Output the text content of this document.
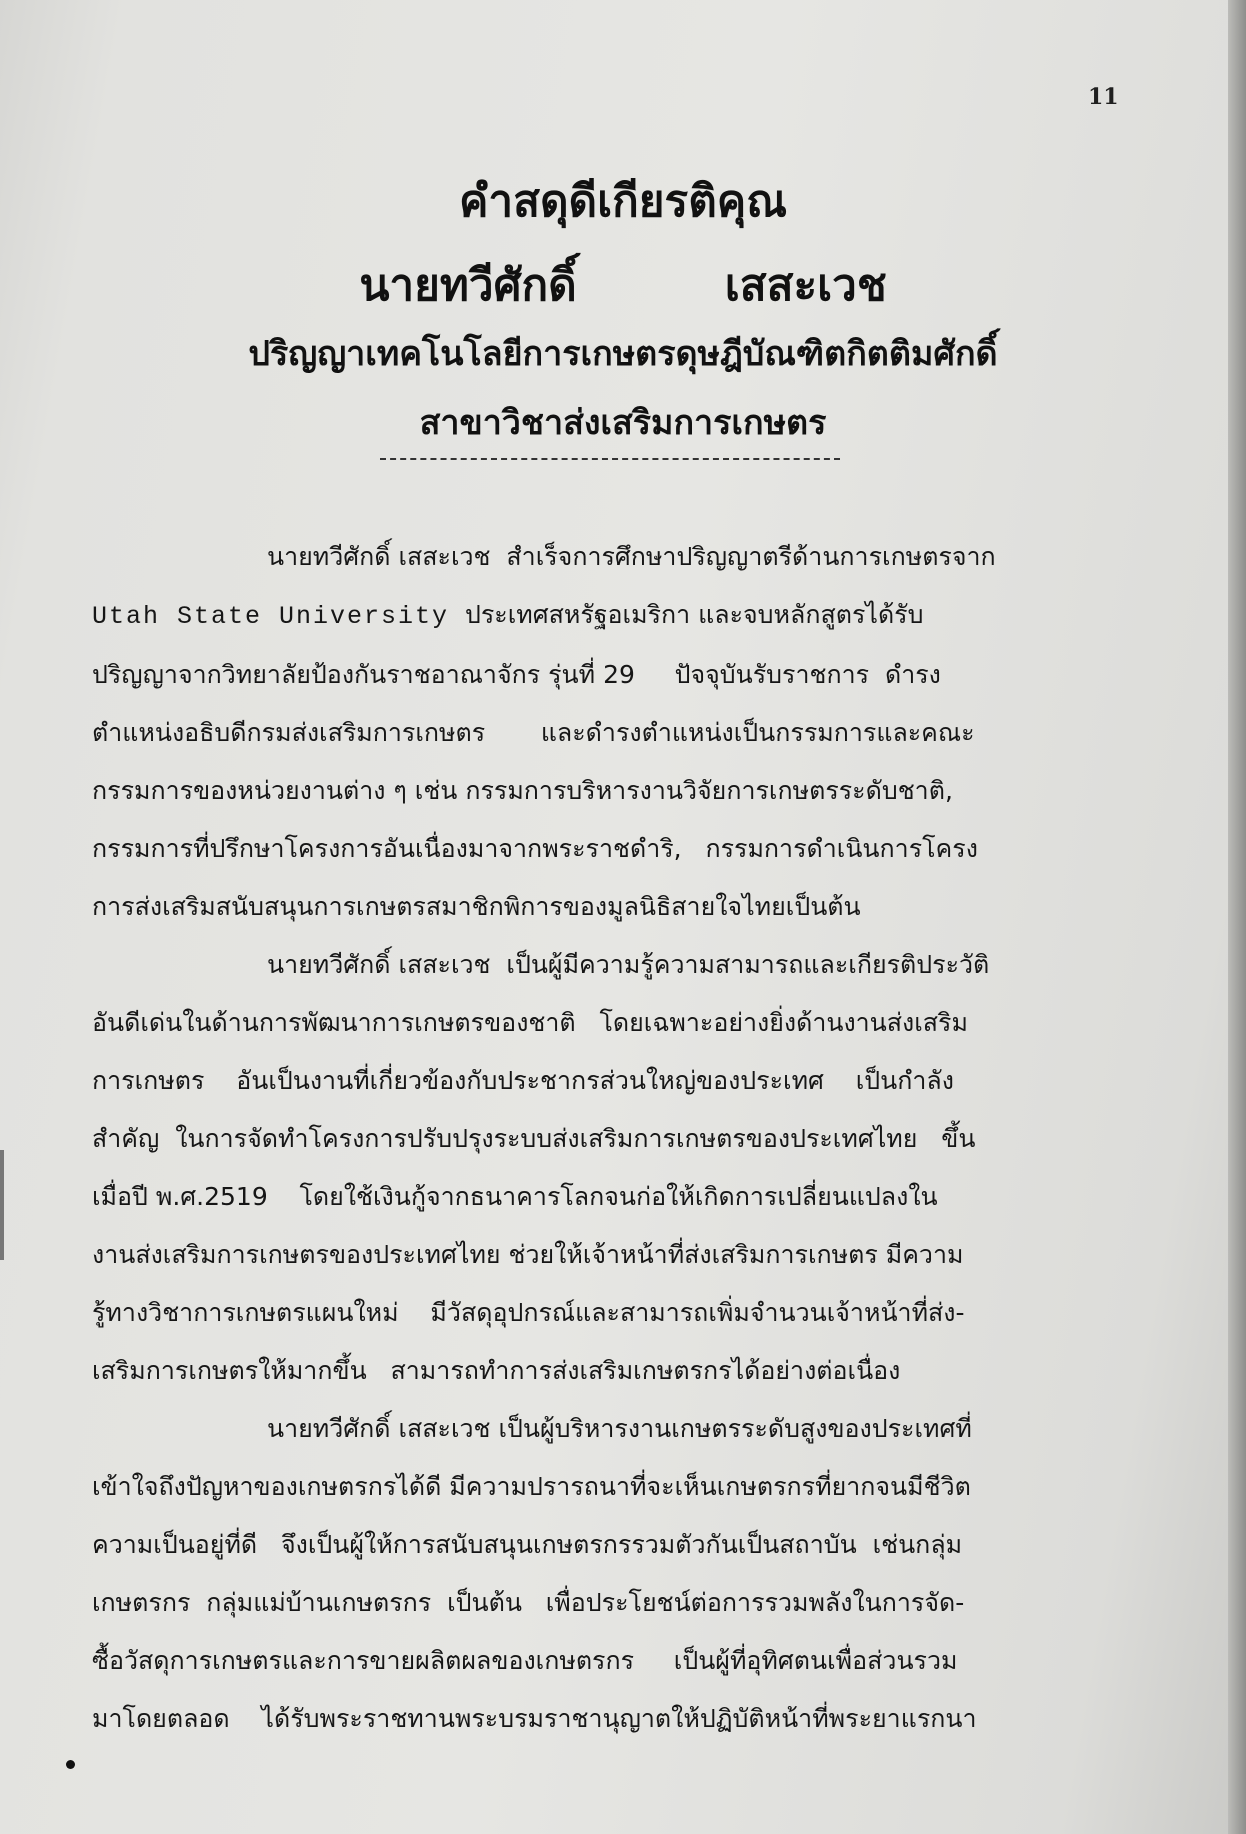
11
คำสดุดีเกียรติคุณ
นายทวีศักดิ์   เสสะเวช
ปริญญาเทคโนโลยีการเกษตรดุษฎีบัณฑิตกิตติมศักดิ์
สาขาวิชาส่งเสริมการเกษตร
นายทวีศักดิ์ เสสะเวช  สำเร็จการศึกษาปริญญาตรีด้านการเกษตรจาก
Utah State University ประเทศสหรัฐอเมริกา และจบหลักสูตรได้รับ
ปริญญาจากวิทยาลัยป้องกันราชอาณาจักร รุ่นที่ 29     ปัจจุบันรับราชการ  ดำรง
ตำแหน่งอธิบดีกรมส่งเสริมการเกษตร       และดำรงตำแหน่งเป็นกรรมการและคณะ
กรรมการของหน่วยงานต่าง ๆ เช่น กรรมการบริหารงานวิจัยการเกษตรระดับชาติ,
กรรมการที่ปรึกษาโครงการอันเนื่องมาจากพระราชดำริ,   กรรมการดำเนินการโครง
การส่งเสริมสนับสนุนการเกษตรสมาชิกพิการของมูลนิธิสายใจไทยเป็นต้น
นายทวีศักดิ์ เสสะเวช  เป็นผู้มีความรู้ความสามารถและเกียรติประวัติ
อันดีเด่นในด้านการพัฒนาการเกษตรของชาติ   โดยเฉพาะอย่างยิ่งด้านงานส่งเสริม
การเกษตร    อันเป็นงานที่เกี่ยวข้องกับประชากรส่วนใหญ่ของประเทศ    เป็นกำลัง
สำคัญ  ในการจัดทำโครงการปรับปรุงระบบส่งเสริมการเกษตรของประเทศไทย   ขึ้น
เมื่อปี พ.ศ.2519    โดยใช้เงินกู้จากธนาคารโลกจนก่อให้เกิดการเปลี่ยนแปลงใน
งานส่งเสริมการเกษตรของประเทศไทย ช่วยให้เจ้าหน้าที่ส่งเสริมการเกษตร มีความ
รู้ทางวิชาการเกษตรแผนใหม่    มีวัสดุอุปกรณ์และสามารถเพิ่มจำนวนเจ้าหน้าที่ส่ง-
เสริมการเกษตรให้มากขึ้น   สามารถทำการส่งเสริมเกษตรกรได้อย่างต่อเนื่อง
นายทวีศักดิ์ เสสะเวช เป็นผู้บริหารงานเกษตรระดับสูงของประเทศที่
เข้าใจถึงปัญหาของเกษตรกรได้ดี มีความปรารถนาที่จะเห็นเกษตรกรที่ยากจนมีชีวิต
ความเป็นอยู่ที่ดี   จึงเป็นผู้ให้การสนับสนุนเกษตรกรรวมตัวกันเป็นสถาบัน  เช่นกลุ่ม
เกษตรกร  กลุ่มแม่บ้านเกษตรกร  เป็นต้น   เพื่อประโยชน์ต่อการรวมพลังในการจัด-
ซื้อวัสดุการเกษตรและการขายผลิตผลของเกษตรกร     เป็นผู้ที่อุทิศตนเพื่อส่วนรวม
มาโดยตลอด    ได้รับพระราชทานพระบรมราชานุญาตให้ปฏิบัติหน้าที่พระยาแรกนา
